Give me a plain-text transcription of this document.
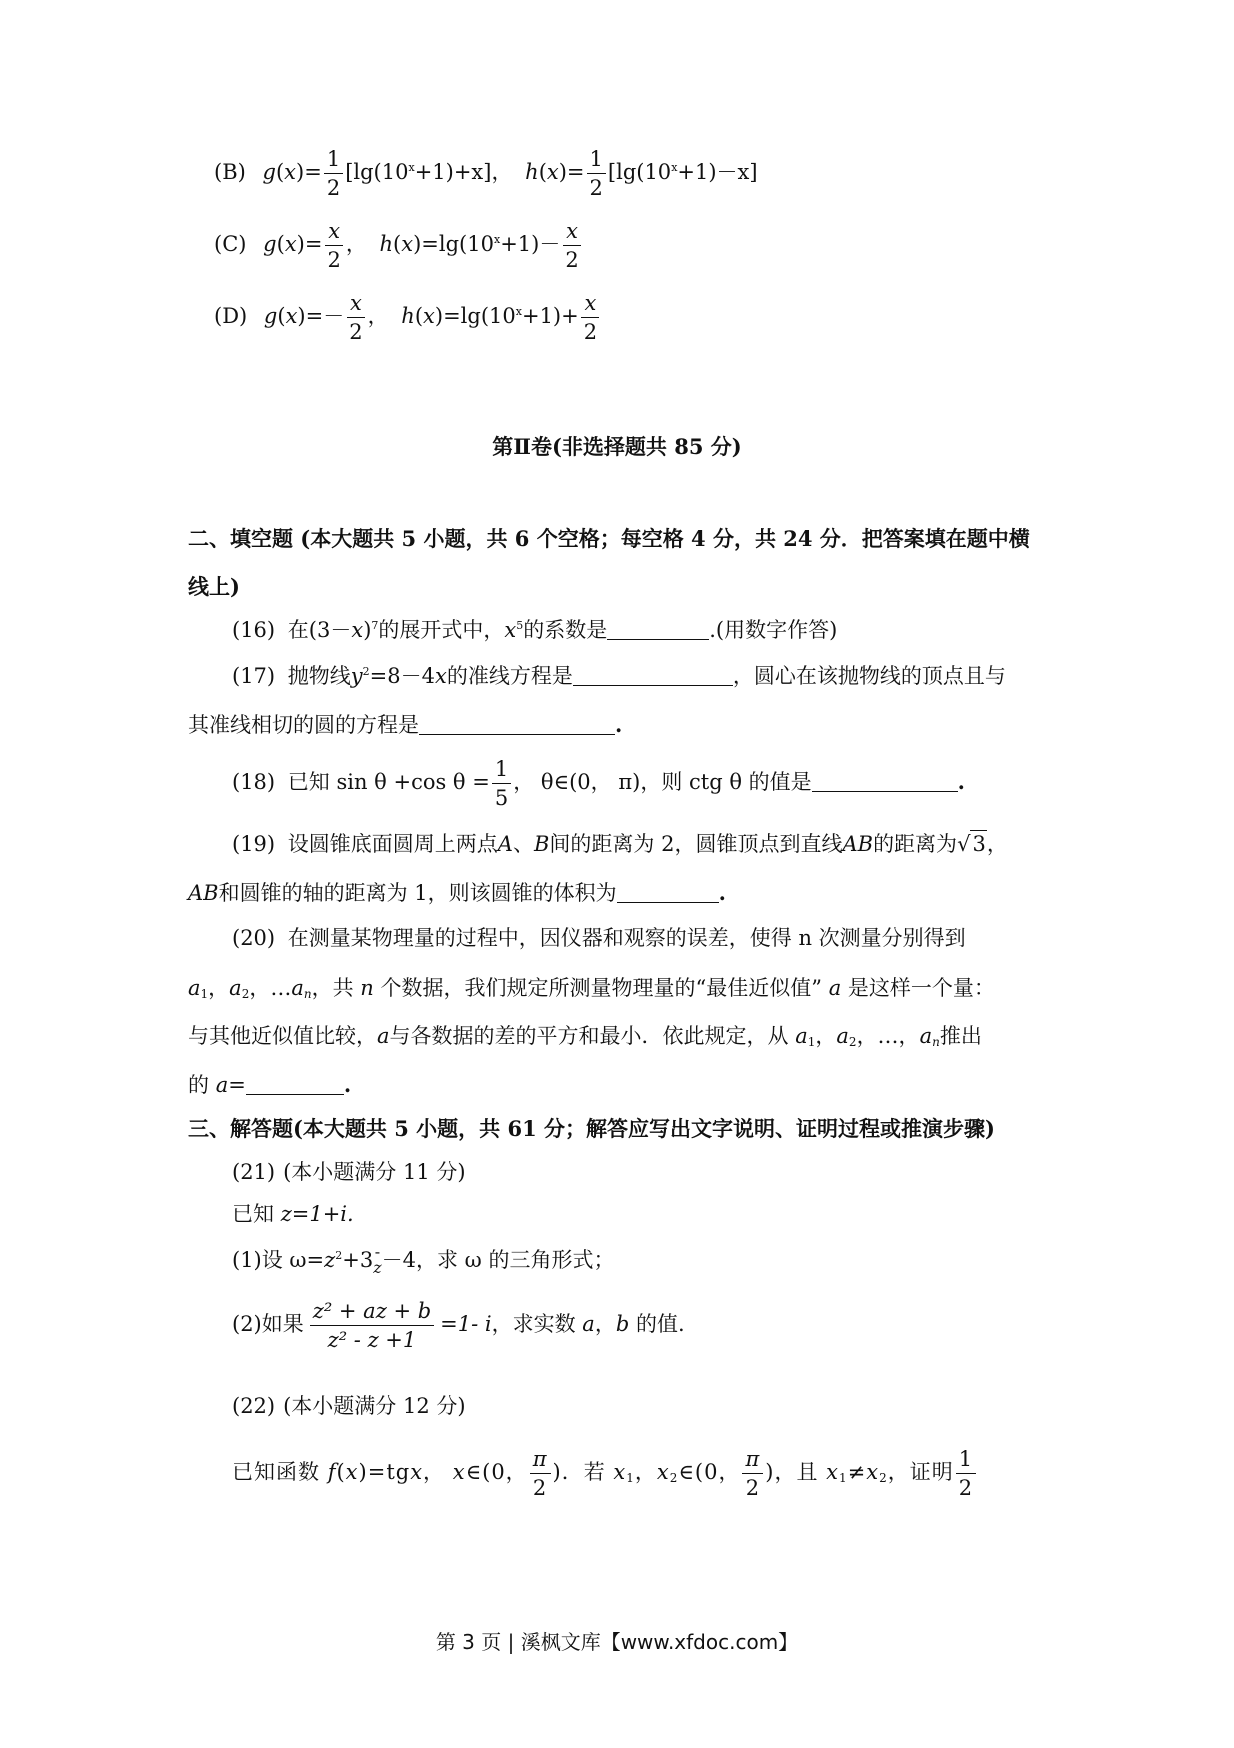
(B) $g(x)= \frac{1}{2} [\lg(10^x+1)+x]$， $h(x)= \frac{1}{2} [\lg(10^x+1)-x]$
(C) $g(x)= \frac{x}{2}$ ， $h(x)=\lg(10^x+1)- \frac{x}{2}$
(D) $g(x)=- \frac{x}{2}$ ， $h(x)=\lg(10^x+1)+ \frac{x}{2}$
第Ⅱ卷(非选择题共 85 分)
二、填空题 (本大题共 5 小题，共 6 个空格；每空格 4 分，共 24 分．把答案填在题中横
线上)
(16) 在$(3-x)^7$的展开式中，$x^5$的系数是	.(用数字作答)
(17) 抛物线$y^2=8-4x$的准线方程是	，圆心在该抛物线的顶点且与
其准线相切的圆的方程是	.
(18) 已知 sin θ +cos $\theta = \frac{1}{5}$ ， θ∈(0， π)，则 ctg θ 的值是	.
(19) 设圆锥底面圆周上两点A、B间的距离为 2，圆锥顶点到直线AB的距离为√3，
AB和圆锥的轴的距离为 1，则该圆锥的体积为	.
(20) 在测量某物理量的过程中，因仪器和观察的误差，使得 n 次测量分别得到
$a_1$，$a_2$，$\dots a_n$，共 n 个数据，我们规定所测量物理量的“最佳近似值” a 是这样一个量：
与其他近似值比较，a与各数据的差的平方和最小．依此规定，从 $a_1$，$a_2$，…，$a_n$推出
的 a=	.
三、解答题(本大题共 5 小题，共 61 分；解答应写出文字说明、证明过程或推演步骤)
(21) (本小题满分 11 分)
已知 z=1+i.
(1)设 $\omega=z^2+3-$
z－4，求 ω 的三角形式；
(2)如果 $\frac{\text{z² + az + b}}{\text{z² - z +1}} =1-$ i，求实数 a，b 的值.
(22) (本小题满分 12 分)
已知函数 f(x)=tgx， x∈(0， $\frac{\pi}{2}$ )．若 $x_1$，$x_2\in(0$， $\frac{\pi}{2}$ )，且 $x_1\ne x_2$，证明 $\frac{1}{2}$
第 3 页 | 溪枫文库【www.xfdoc.com】
